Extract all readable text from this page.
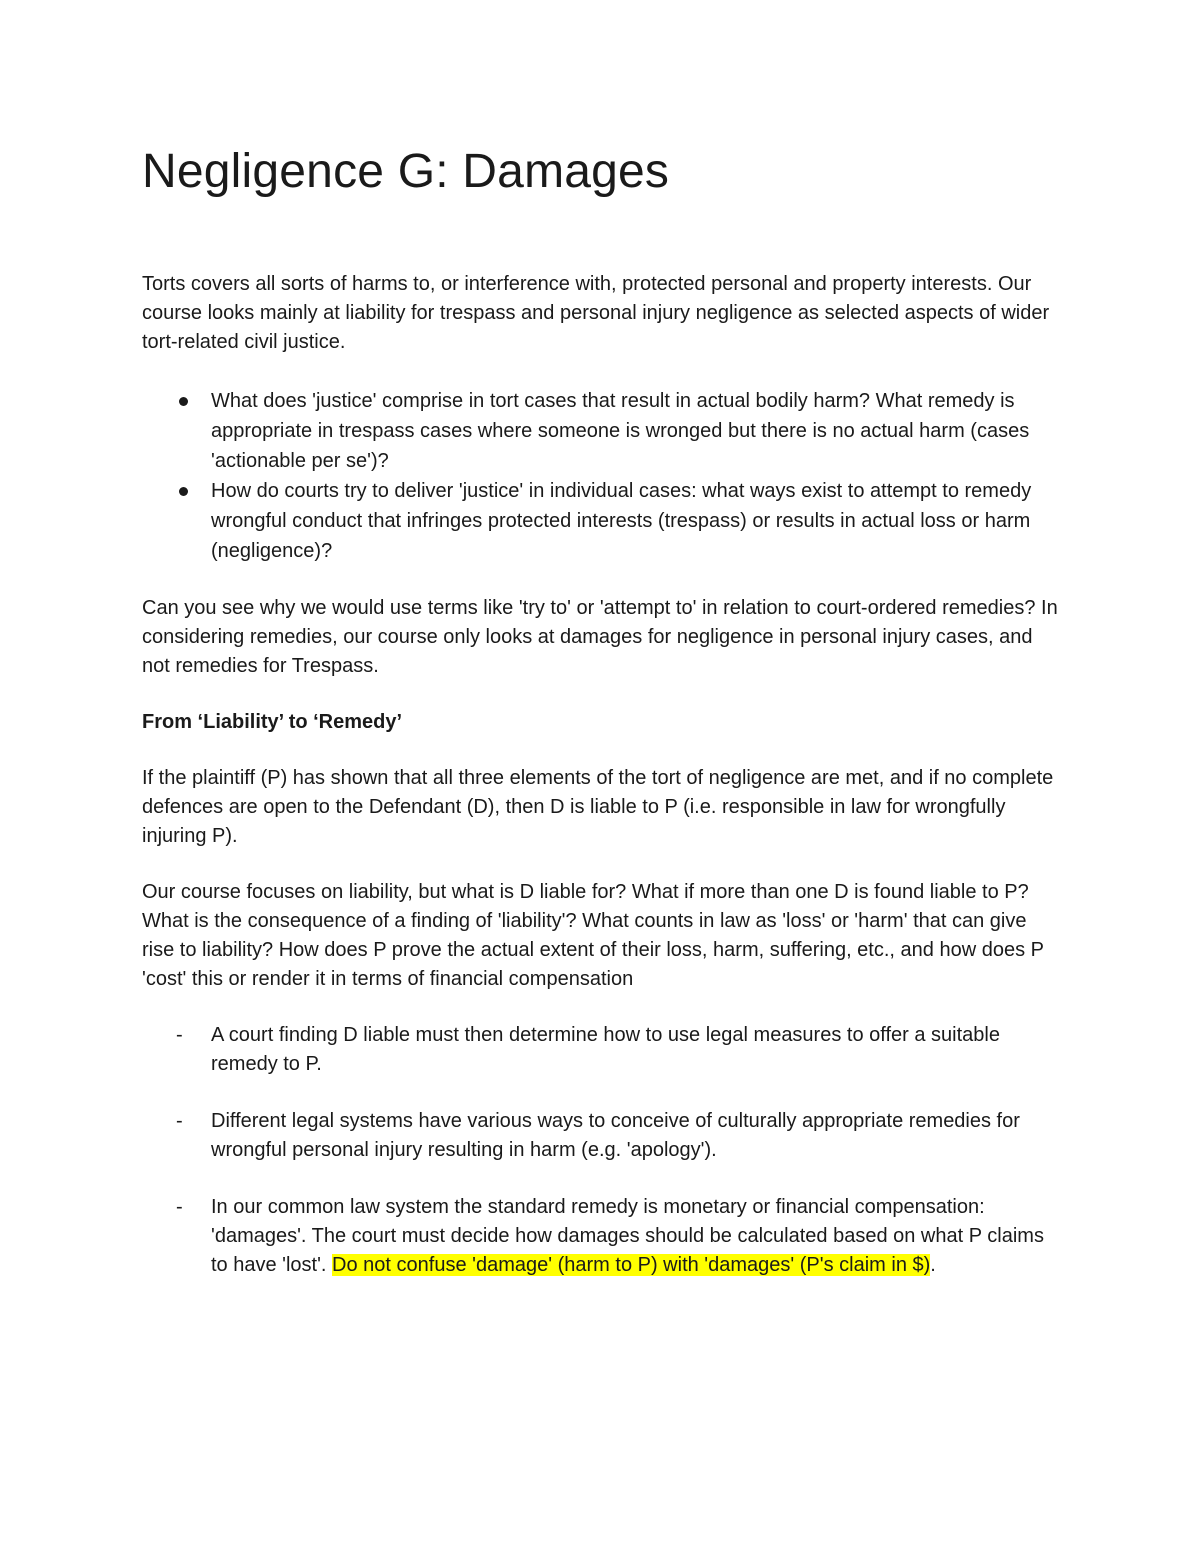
Negligence G: Damages

Torts covers all sorts of harms to, or interference with, protected personal and property interests. Our course looks mainly at liability for trespass and personal injury negligence as selected aspects of wider tort-related civil justice.

What does 'justice' comprise in tort cases that result in actual bodily harm? What remedy is appropriate in trespass cases where someone is wronged but there is no actual harm (cases 'actionable per se')?
How do courts try to deliver 'justice' in individual cases: what ways exist to attempt to remedy wrongful conduct that infringes protected interests (trespass) or results in actual loss or harm (negligence)?

Can you see why we would use terms like 'try to' or 'attempt to' in relation to court-ordered remedies? In considering remedies, our course only looks at damages for negligence in personal injury cases, and not remedies for Trespass.

From ‘Liability’ to ‘Remedy’

If the plaintiff (P) has shown that all three elements of the tort of negligence are met, and if no complete defences are open to the Defendant (D), then D is liable to P (i.e. responsible in law for wrongfully injuring P).

Our course focuses on liability, but what is D liable for? What if more than one D is found liable to P? What is the consequence of a finding of 'liability'? What counts in law as 'loss' or 'harm' that can give rise to liability? How does P prove the actual extent of their loss, harm, suffering, etc., and how does P 'cost' this or render it in terms of financial compensation

- A court finding D liable must then determine how to use legal measures to offer a suitable remedy to P.
- Different legal systems have various ways to conceive of culturally appropriate remedies for wrongful personal injury resulting in harm (e.g. 'apology').
- In our common law system the standard remedy is monetary or financial compensation: 'damages'. The court must decide how damages should be calculated based on what P claims to have 'lost'. Do not confuse 'damage' (harm to P) with 'damages' (P's claim in $).
